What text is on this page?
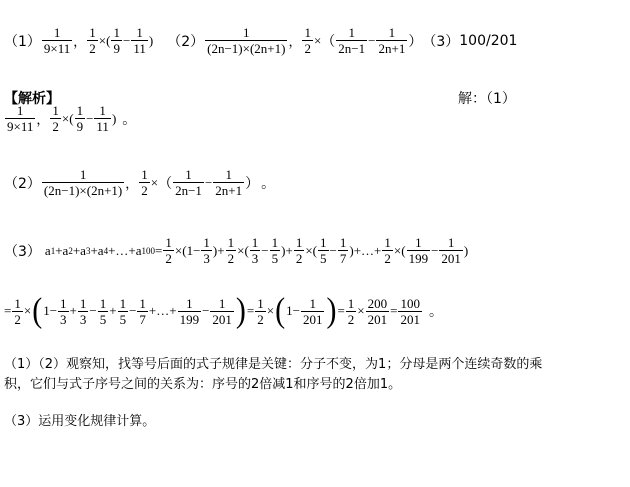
$(1) \frac{1}{9\times 11}$ ， $\frac{1}{2}$ × ( $\frac{1}{9} - \frac{1}{11}$ ) $(2) \frac{1}{(2n-1)\times(2n+1)}$ ， $\frac{1}{2}$ × （ $\frac{1}{2n-1} - \frac{1}{2n+1}$ ） （3） 100/201
【解析】	解：（1）
$\frac{1}{9\times 11}$ ， $\frac{1}{2}$ × ( $\frac{1}{9} - \frac{1}{11}$ ) 。
$(2) \frac{1}{(2n-1)\times(2n+1)}$ ， $\frac{1}{2}$ × （ $\frac{1}{2n-1} - \frac{1}{2n+1}$ ） 。
（3） a 1 + a 2 + a 3 + a 4 + … + a $100 = \frac{1}{2}$ × ( $1 - \frac{1}{3}$ ) + $\frac{1}{2}$ × ( $\frac{1}{3} - \frac{1}{5}$ ) + $\frac{1}{2}$ × ( $\frac{1}{5} - \frac{1}{7}$ ) +…+ $\frac{1}{2}$ × ( $\frac{1}{199} - \frac{1}{201}$ )
= $\frac{1}{2}$ × ( $1 - \frac{1}{3} + \frac{1}{3} - \frac{1}{5} + \frac{1}{5} - \frac{1}{7}$ +…+ $\frac{1}{199} - \frac{1}{201}$ ) = $\frac{1}{2}$ × ( $1 - \frac{1}{201}$ ) = $\frac{1}{2} \times \frac{200}{201} = \frac{100}{201}$ 。
（1）（2）观察知，找等号后面的式子规律是关键：分子不变，为1；分母是两个连续奇数的乘
积，它们与式子序号之间的关系为：序号的2倍减1和序号的2倍加1。
（3）运用变化规律计算。
